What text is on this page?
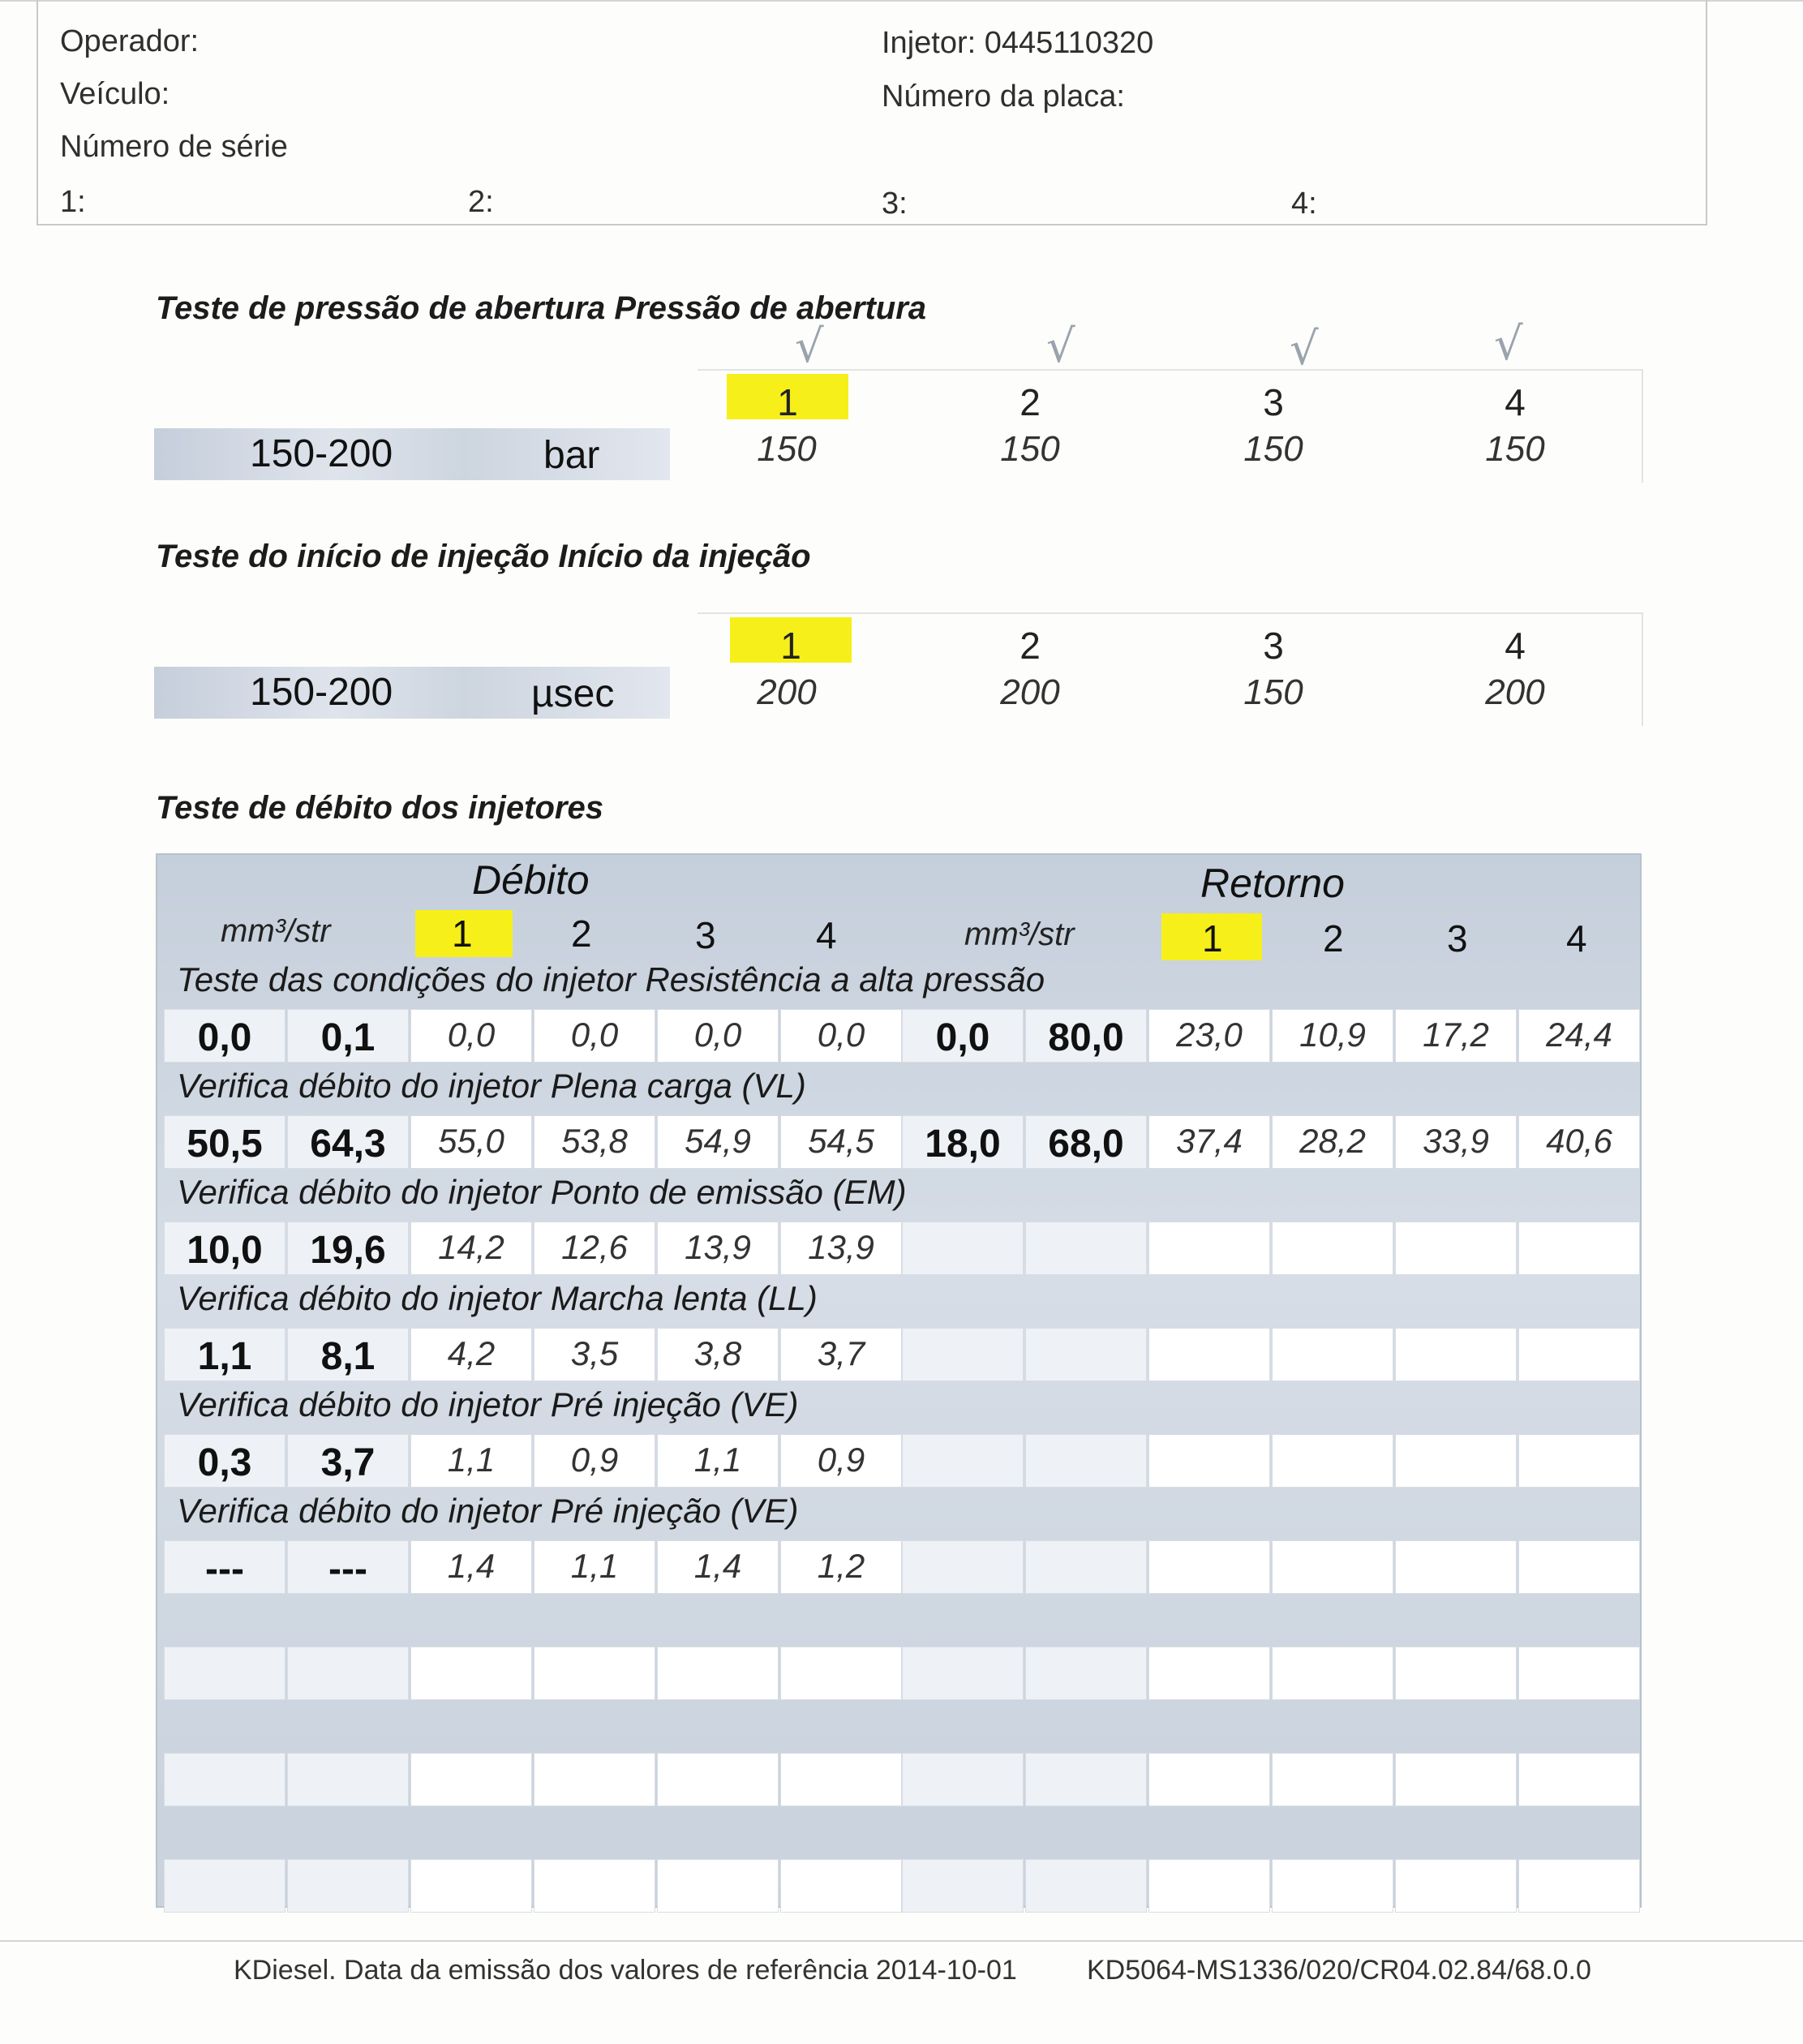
Operador:
Veículo:
Número de série
Injetor: 0445110320
Número da placa:
1:	2:	3:	4:
Teste de pressão de abertura Pressão de abertura
√	√	√	√
150-200	bar
1	2	3	4
150	150	150	150
Teste do início de injeção Início da injeção
150-200	µsec
1	2	3	4
200	200	150	200
Teste de débito dos injetores
Débito	Retorno
mm³/str	mm³/str
1	2	3	4	1	2	3	4
Teste das condições do injetor Resistência a alta pressão
0,0	0,1	0,0	0,0	0,0	0,0	0,0	80,0	23,0	10,9	17,2	24,4
Verifica débito do injetor Plena carga (VL)
50,5	64,3	55,0	53,8	54,9	54,5	18,0	68,0	37,4	28,2	33,9	40,6
Verifica débito do injetor Ponto de emissão (EM)
10,0	19,6	14,2	12,6	13,9	13,9
Verifica débito do injetor Marcha lenta (LL)
1,1	8,1	4,2	3,5	3,8	3,7
Verifica débito do injetor Pré injeção (VE)
0,3	3,7	1,1	0,9	1,1	0,9
Verifica débito do injetor Pré injeção (VE)
---	---	1,4	1,1	1,4	1,2
KDiesel. Data da emissão dos valores de referência 2014-10-01	KD5064-MS1336/020/CR04.02.84/68.0.0
